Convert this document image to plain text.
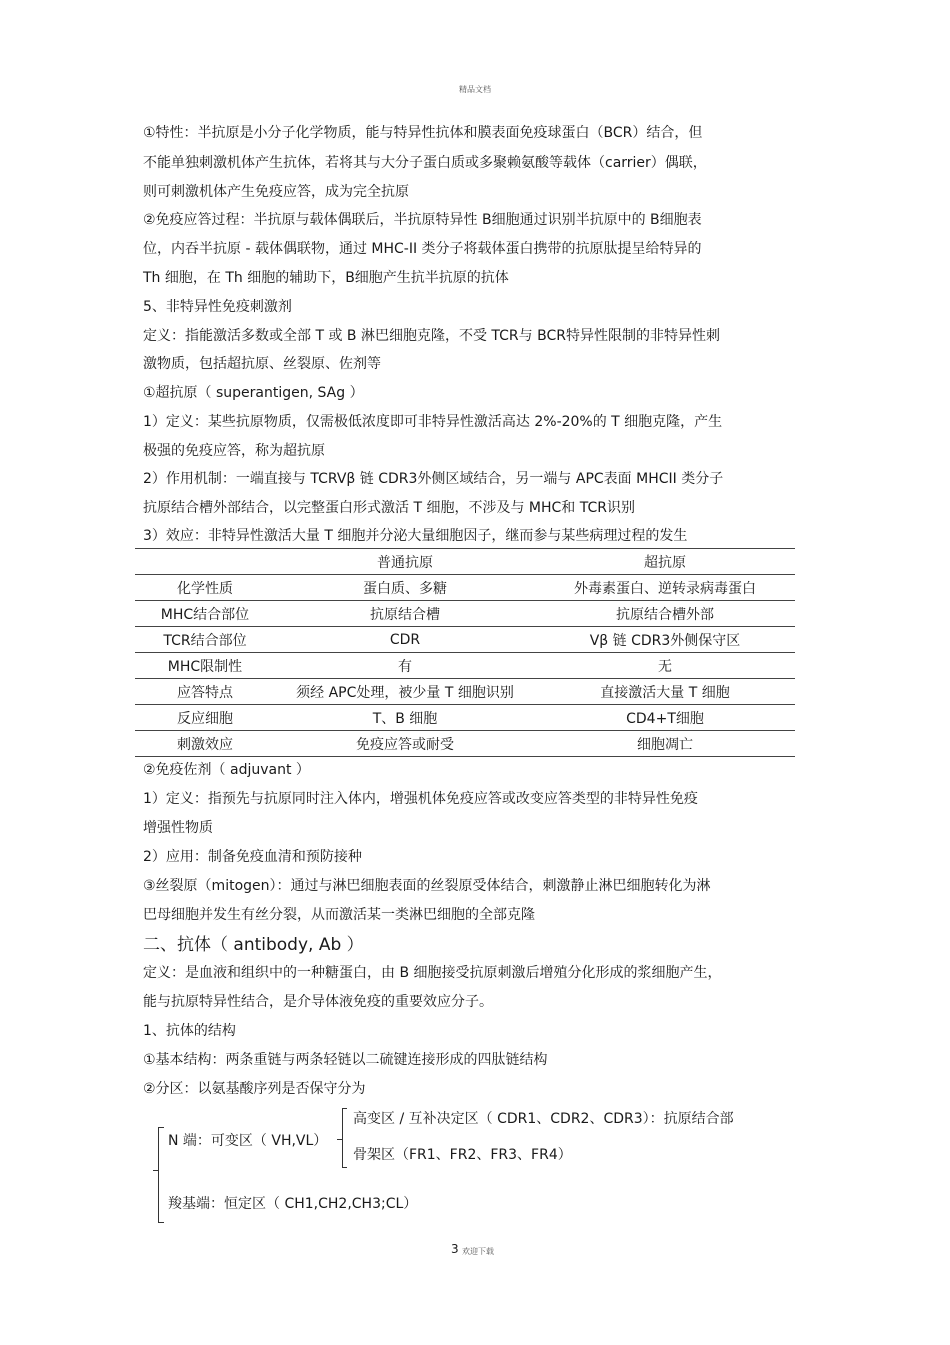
精品文档
①特性：半抗原是小分子化学物质，能与特异性抗体和膜表面免疫球蛋白（BCR）结合，但
不能单独刺激机体产生抗体，若将其与大分子蛋白质或多聚赖氨酸等载体（carrier）偶联，
则可刺激机体产生免疫应答，成为完全抗原
②免疫应答过程：半抗原与载体偶联后，半抗原特异性 B细胞通过识别半抗原中的 B细胞表
位，内吞半抗原 - 载体偶联物，通过 MHC-II 类分子将载体蛋白携带的抗原肽提呈给特异的
Th 细胞，在 Th 细胞的辅助下，B细胞产生抗半抗原的抗体
5、非特异性免疫刺激剂
定义：指能激活多数或全部 T 或 B 淋巴细胞克隆，不受 TCR与 BCR特异性限制的非特异性刺
激物质，包括超抗原、丝裂原、佐剂等
①超抗原（ superantigen, SAg ）
1）定义：某些抗原物质，仅需极低浓度即可非特异性激活高达 2%-20%的 T 细胞克隆，产生
极强的免疫应答，称为超抗原
2）作用机制：一端直接与 TCRVβ 链 CDR3外侧区域结合，另一端与 APC表面 MHCII 类分子
抗原结合槽外部结合，以完整蛋白形式激活 T 细胞，不涉及与 MHC和 TCR识别
3）效应：非特异性激活大量 T 细胞并分泌大量细胞因子，继而参与某些病理过程的发生
	普通抗原	超抗原
化学性质	蛋白质、多糖	外毒素蛋白、逆转录病毒蛋白
MHC结合部位	抗原结合槽	抗原结合槽外部
TCR结合部位	CDR	Vβ 链 CDR3外侧保守区
MHC限制性	有	无
应答特点	须经 APC处理，被少量 T 细胞识别	直接激活大量 T 细胞
反应细胞	T、B 细胞	CD4+T细胞
刺激效应	免疫应答或耐受	细胞凋亡
②免疫佐剂（ adjuvant ）
1）定义：指预先与抗原同时注入体内，增强机体免疫应答或改变应答类型的非特异性免疫
增强性物质
2）应用：制备免疫血清和预防接种
③丝裂原（mitogen）：通过与淋巴细胞表面的丝裂原受体结合，刺激静止淋巴细胞转化为淋
巴母细胞并发生有丝分裂，从而激活某一类淋巴细胞的全部克隆
二、抗体（ antibody, Ab ）
定义：是血液和组织中的一种糖蛋白，由 B 细胞接受抗原刺激后增殖分化形成的浆细胞产生，
能与抗原特异性结合，是介导体液免疫的重要效应分子。
1、抗体的结构
①基本结构：两条重链与两条轻链以二硫键连接形成的四肽链结构
②分区：以氨基酸序列是否保守分为
N 端：可变区（ VH,VL）
高变区 / 互补决定区（ CDR1、CDR2、CDR3）：抗原结合部
骨架区（FR1、FR2、FR3、FR4）
羧基端：恒定区（ CH1,CH2,CH3;CL）
3 欢迎下载
